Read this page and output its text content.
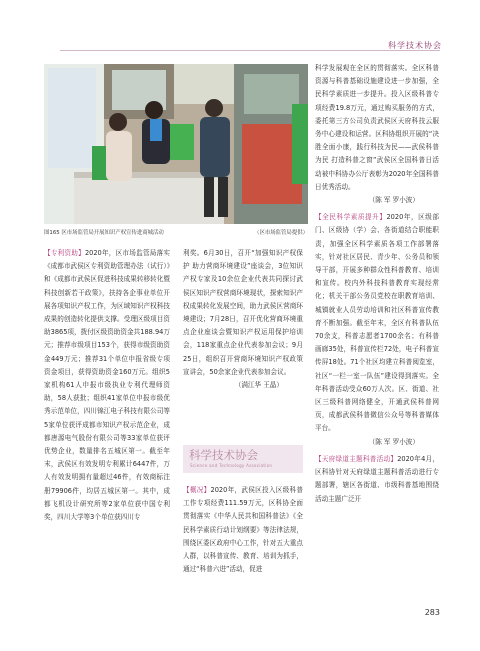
科学技术协会
图165 区市场监管局开展知识产权宣传进商城活动	（区市场监管局提供）

【专利资助】2020年，区市场监管局落实《成都市武侯区专利资助管理办法（试行）》和《成都市武侯区促进科技成果转移转化暨科技创新若干政策》，扶持各企事业单位开展各项知识产权工作，为区域知识产权科技成果的创造转化提供支撑。受理区级项目资助3865项，拨付区级资助资金共188.94万元；推荐市级项目153个，获得市级资助资金449万元；推荐31个单位申报省级专项资金项目，获得资助资金160万元。组织5家机构61人申报市级执业专利代理师资助，58人获批；组织41家单位申报市级优秀示范单位，四川锦江电子科技有限公司等5家单位获评成都市知识产权示范企业，成都唐源电气股份有限公司等33家单位获评优势企业，数量排名五城区第一。截至年末，武侯区有效发明专利累计6447件，万人有效发明拥有量超过46件，有效商标注册79906件，均居五城区第一。其中，成都飞机设计研究所等2家单位获中国专利奖，四川大学等3个单位获四川专

利奖。6月30日，召开“加强知识产权保护 助力营商环境建设”座谈会，3位知识产权专家及10余位企业代表共同探讨武侯区知识产权营商环境现状，探索知识产权成果转化发展空间，助力武侯区营商环境建设；7月28日，召开优化营商环境重点企业座谈会暨知识产权运用保护培训会，118家重点企业代表参加会议；9月25日，组织召开营商环境知识产权政策宣讲会，50余家企业代表参加会议。

（满江华 王晶）

科学技术协会
Science and Technology Association

【概况】2020年，武侯区投入区级科普工作专项经费111.59万元，区科协全面贯彻落实《中华人民共和国科普法》《全民科学素质行动计划纲要》等法律法规，围绕区委区政府中心工作，针对五大重点人群，以科普宣传、教育、培训为抓手，通过“科普六进”活动，促进

科学发展观在全区的贯彻落实。全区科普资源与科普基础设施建设进一步加强，全民科学素质进一步提升。投入区级科普专项经费19.8万元，通过购买服务的方式，委托第三方公司负责武侯区天府科技云服务中心建设和运营。区科协组织开展的“决胜全面小康，践行科技为民——武侯科普为民 打造科普之窗”武侯区全国科普日活动被中科协办公厅表彰为2020年全国科普日优秀活动。

（陈 军 罗小波）

【全民科学素质提升】2020年，区级部门、区级协（学）会、各街道结合职能职责，加强全区科学素质各项工作部署落实，针对社区居民、青少年、公务员和领导干部，开展多种群众性科普教育、培训和宣传。校内外科技科普教育实现经常化；机关干部公务员党校在职教育培训、城镇就业人员劳动培训和社区科普宣传教育不断加强。截至年末，全区有科普队伍70余支，科普志愿者1700余名；有科普画廊35处，科普宣传栏72处，电子科普宣传屏18处。71个社区均建立科普阅览室，社区“一栏一室一队伍”建设得到落实。全年科普活动受众60万人次。区、街道、社区三级科普网络健全，开通武侯科普网页，成都武侯科普微信公众号等科普媒体平台。

（陈 军 罗小波）

【天府绿道主题科普活动】2020年4月，区科协针对天府绿道主题科普活动进行专题部署，辖区各街道、市级科普基地围绕活动主题广泛开

283
